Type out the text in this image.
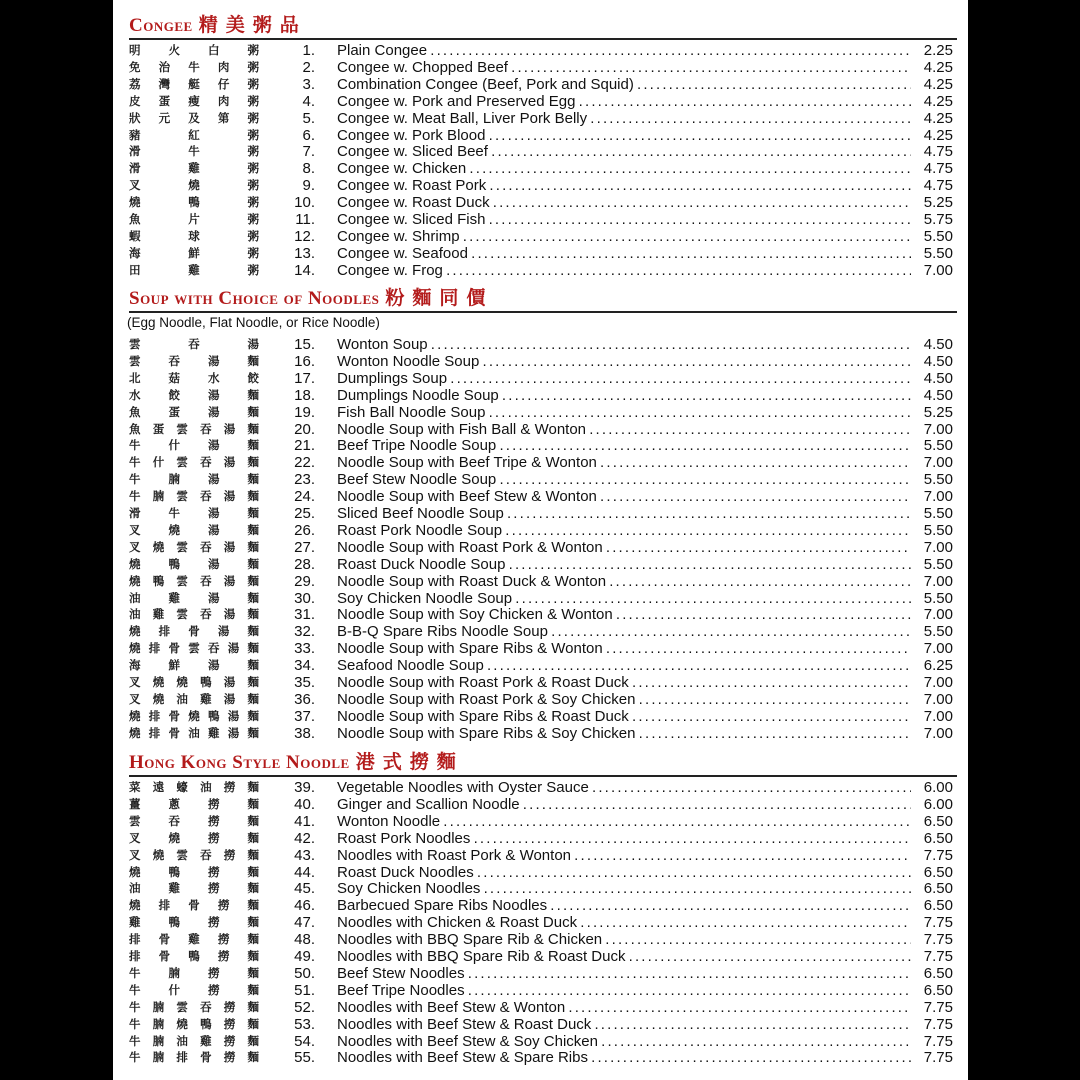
Congee 精美粥品
明 火 白 粥	1. Plain Congee . . .	2.25
免 治 牛 肉 粥	2. Congee w. Chopped Beef . . .	4.25
荔 灣 艇 仔 粥	3. Combination Congee (Beef, Pork and Squid) . . .	4.25
皮 蛋 瘦 肉 粥	4. Congee w. Pork and Preserved Egg . . .	4.25
狀 元 及 第 粥	5. Congee w. Meat Ball, Liver Pork Belly . . .	4.25
豬	紅	粥	6. Congee w. Pork Blood . . .	4.25
滑	牛	粥	7. Congee w. Sliced Beef . . .	4.75
滑	雞	粥	8. Congee w. Chicken . . .	4.75
叉	燒	粥	9. Congee w. Roast Pork . . .	4.75
燒	鴨	粥	10. Congee w. Roast Duck . . .	5.25
魚	片	粥	11. Congee w. Sliced Fish . . .	5.75
蝦	球	粥	12. Congee w. Shrimp . . .	5.50
海	鮮	粥	13. Congee w. Seafood . . .	5.50
田	雞	粥	14. Congee w. Frog . . .	7.00
Soup with Choice of Noodles 粉麵同價
(Egg Noodle, Flat Noodle, or Rice Noodle)
雲	吞	湯	15. Wonton Soup . . .	4.50
雲 吞 湯 麵	16. Wonton Noodle Soup . . .	4.50
北 菇 水 餃	17. Dumplings Soup . . .	4.50
水 餃 湯 麵	18. Dumplings Noodle Soup . . .	4.50
魚 蛋 湯 麵	19. Fish Ball Noodle Soup . . .	5.25
魚 蛋 雲 吞 湯 麵	20. Noodle Soup with Fish Ball & Wonton . . .	7.00
牛 什 湯 麵	21. Beef Tripe Noodle Soup . . .	5.50
牛 什 雲 吞 湯 麵	22. Noodle Soup with Beef Tripe & Wonton . . .	7.00
牛 腩 湯 麵	23. Beef Stew Noodle Soup . . .	5.50
牛 腩 雲 吞 湯 麵	24. Noodle Soup with Beef Stew & Wonton . . .	7.00
滑 牛 湯 麵	25. Sliced Beef Noodle Soup . . .	5.50
叉 燒 湯 麵	26. Roast Pork Noodle Soup . . .	5.50
叉 燒 雲 吞 湯 麵	27. Noodle Soup with Roast Pork & Wonton . . .	7.00
燒 鴨 湯 麵	28. Roast Duck Noodle Soup . . .	5.50
燒 鴨 雲 吞 湯 麵	29. Noodle Soup with Roast Duck & Wonton . . .	7.00
油 雞 湯 麵	30. Soy Chicken Noodle Soup . . .	5.50
油 雞 雲 吞 湯 麵	31. Noodle Soup with Soy Chicken & Wonton . . .	7.00
燒 排 骨 湯 麵	32. B-B-Q Spare Ribs Noodle Soup . . .	5.50
燒 排 骨 雲 吞 湯 麵	33. Noodle Soup with Spare Ribs & Wonton . . .	7.00
海 鮮 湯 麵	34. Seafood Noodle Soup . . .	6.25
叉 燒 燒 鴨 湯 麵	35. Noodle Soup with Roast Pork & Roast Duck . . .	7.00
叉 燒 油 雞 湯 麵	36. Noodle Soup with Roast Pork & Soy Chicken . . .	7.00
燒 排 骨 燒 鴨 湯 麵	37. Noodle Soup with Spare Ribs & Roast Duck . . .	7.00
燒 排 骨 油 雞 湯 麵	38. Noodle Soup with Spare Ribs & Soy Chicken . . .	7.00
Hong Kong Style Noodle 港式撈麵
菜 遠 蠔 油 撈 麵	39. Vegetable Noodles with Oyster Sauce . . .	6.00
薑 蔥 撈 麵	40. Ginger and Scallion Noodle . . .	6.00
雲 吞 撈 麵	41. Wonton Noodle . . .	6.50
叉 燒 撈 麵	42. Roast Pork Noodles . . .	6.50
叉 燒 雲 吞 撈 麵	43. Noodles with Roast Pork & Wonton . . .	7.75
燒 鴨 撈 麵	44. Roast Duck Noodles . . .	6.50
油 雞 撈 麵	45. Soy Chicken Noodles . . .	6.50
燒 排 骨 撈 麵	46. Barbecued Spare Ribs Noodles . . .	6.50
雞 鴨 撈 麵	47. Noodles with Chicken & Roast Duck . . .	7.75
排 骨 雞 撈 麵	48. Noodles with BBQ Spare Rib & Chicken . . .	7.75
排 骨 鴨 撈 麵	49. Noodles with BBQ Spare Rib & Roast Duck . . .	7.75
牛 腩 撈 麵	50. Beef Stew Noodles . . .	6.50
牛 什 撈 麵	51. Beef Tripe Noodles . . .	6.50
牛 腩 雲 吞 撈 麵	52. Noodles with Beef Stew & Wonton . . .	7.75
牛 腩 燒 鴨 撈 麵	53. Noodles with Beef Stew & Roast Duck . . .	7.75
牛 腩 油 雞 撈 麵	54. Noodles with Beef Stew & Soy Chicken . . .	7.75
牛 腩 排 骨 撈 麵	55. Noodles with Beef Stew & Spare Ribs . . .	7.75
